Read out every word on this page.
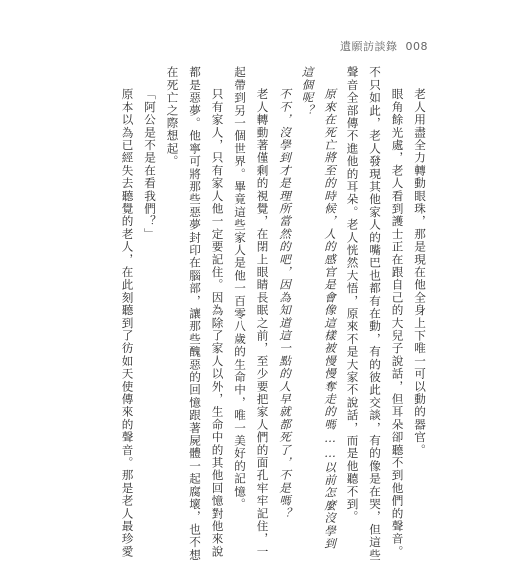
遺願訪談錄 008
老人用盡全力轉動眼珠，那是現在他全身上下唯一可以動的器官。
眼角餘光處，老人看到護士正在跟自己的大兒子說話，但耳朵卻聽不到他們的聲音。
不只如此，老人發現其他家人的嘴巴也都有在動，有的彼此交談，有的像是在哭，但這些
聲音全部傳不進他的耳朵。老人恍然大悟，原來不是大家不說話，而是他聽不到。
原來在死亡將至的時候，人的感官是會像這樣被慢慢奪走的嗎……以前怎麼沒學到
這個呢？
不不，沒學到才是理所當然的吧，因為知道這一點的人早就都死了，不是嗎？
老人轉動著僅剩的視覺，在閉上眼睛長眠之前，至少要把家人們的面孔牢牢記住，一
起帶到另一個世界。畢竟這些家人是他一百零八歲的生命中，唯一美好的記憶。
只有家人，只有家人他一定要記住。因為除了家人以外，生命中的其他回憶對他來說
都是惡夢。他寧可將那些惡夢封印在腦部，讓那些醜惡的回憶跟著屍體一起腐壞，也不想
在死亡之際想起。
「阿公是不是在看我們？」
原本以為已經失去聽覺的老人，在此刻聽到了彷如天使傳來的聲音。那是老人最珍愛
